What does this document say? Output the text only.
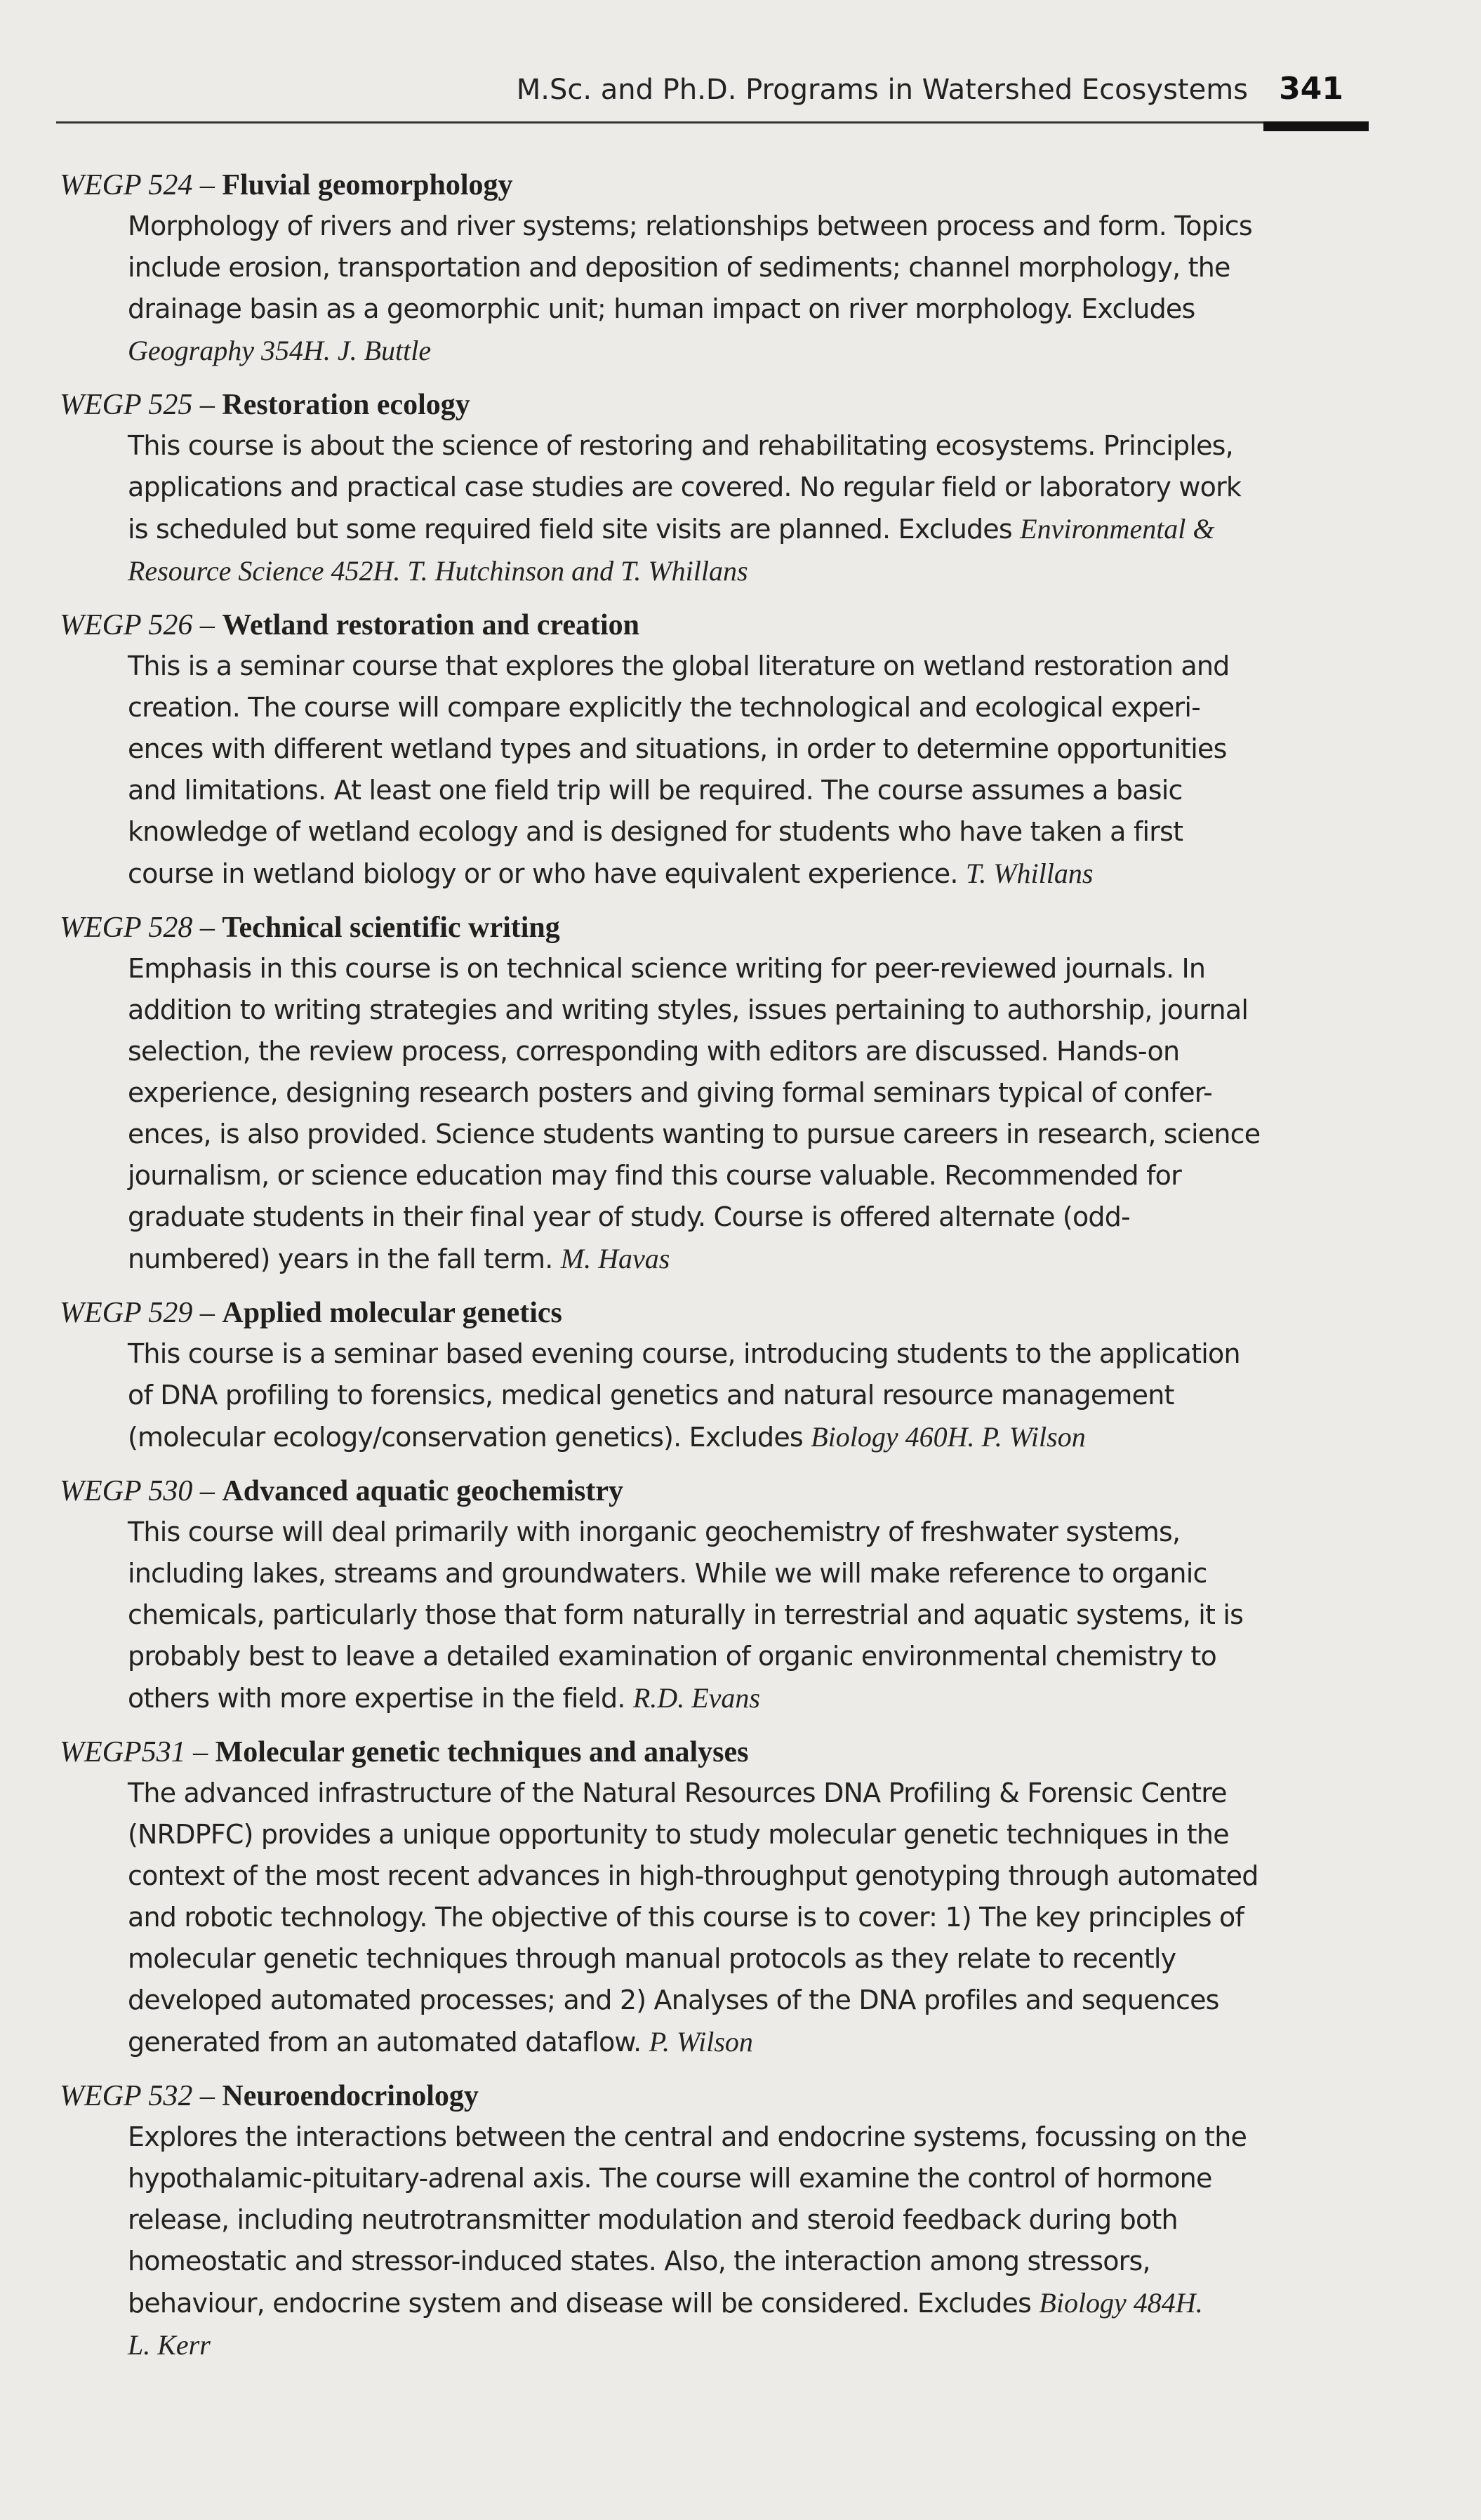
M.Sc. and Ph.D. Programs in Watershed Ecosystems 341
WEGP 524 – Fluvial geomorphology
Morphology of rivers and river systems; relationships between process and form. Topics
include erosion, transportation and deposition of sediments; channel morphology, the
drainage basin as a geomorphic unit; human impact on river morphology. Excludes
Geography 354H. J. Buttle
WEGP 525 – Restoration ecology
This course is about the science of restoring and rehabilitating ecosystems. Principles,
applications and practical case studies are covered. No regular field or laboratory work
is scheduled but some required field site visits are planned. Excludes Environmental &
Resource Science 452H. T. Hutchinson and T. Whillans
WEGP 526 – Wetland restoration and creation
This is a seminar course that explores the global literature on wetland restoration and
creation. The course will compare explicitly the technological and ecological experi-
ences with different wetland types and situations, in order to determine opportunities
and limitations. At least one field trip will be required. The course assumes a basic
knowledge of wetland ecology and is designed for students who have taken a first
course in wetland biology or or who have equivalent experience. T. Whillans
WEGP 528 – Technical scientific writing
Emphasis in this course is on technical science writing for peer-reviewed journals. In
addition to writing strategies and writing styles, issues pertaining to authorship, journal
selection, the review process, corresponding with editors are discussed. Hands-on
experience, designing research posters and giving formal seminars typical of confer-
ences, is also provided. Science students wanting to pursue careers in research, science
journalism, or science education may find this course valuable. Recommended for
graduate students in their final year of study. Course is offered alternate (odd-
numbered) years in the fall term. M. Havas
WEGP 529 – Applied molecular genetics
This course is a seminar based evening course, introducing students to the application
of DNA profiling to forensics, medical genetics and natural resource management
(molecular ecology/conservation genetics). Excludes Biology 460H. P. Wilson
WEGP 530 – Advanced aquatic geochemistry
This course will deal primarily with inorganic geochemistry of freshwater systems,
including lakes, streams and groundwaters. While we will make reference to organic
chemicals, particularly those that form naturally in terrestrial and aquatic systems, it is
probably best to leave a detailed examination of organic environmental chemistry to
others with more expertise in the field. R.D. Evans
WEGP531 – Molecular genetic techniques and analyses
The advanced infrastructure of the Natural Resources DNA Profiling & Forensic Centre
(NRDPFC) provides a unique opportunity to study molecular genetic techniques in the
context of the most recent advances in high-throughput genotyping through automated
and robotic technology. The objective of this course is to cover: 1) The key principles of
molecular genetic techniques through manual protocols as they relate to recently
developed automated processes; and 2) Analyses of the DNA profiles and sequences
generated from an automated dataflow. P. Wilson
WEGP 532 – Neuroendocrinology
Explores the interactions between the central and endocrine systems, focussing on the
hypothalamic-pituitary-adrenal axis. The course will examine the control of hormone
release, including neutrotransmitter modulation and steroid feedback during both
homeostatic and stressor-induced states. Also, the interaction among stressors,
behaviour, endocrine system and disease will be considered. Excludes Biology 484H.
L. Kerr
